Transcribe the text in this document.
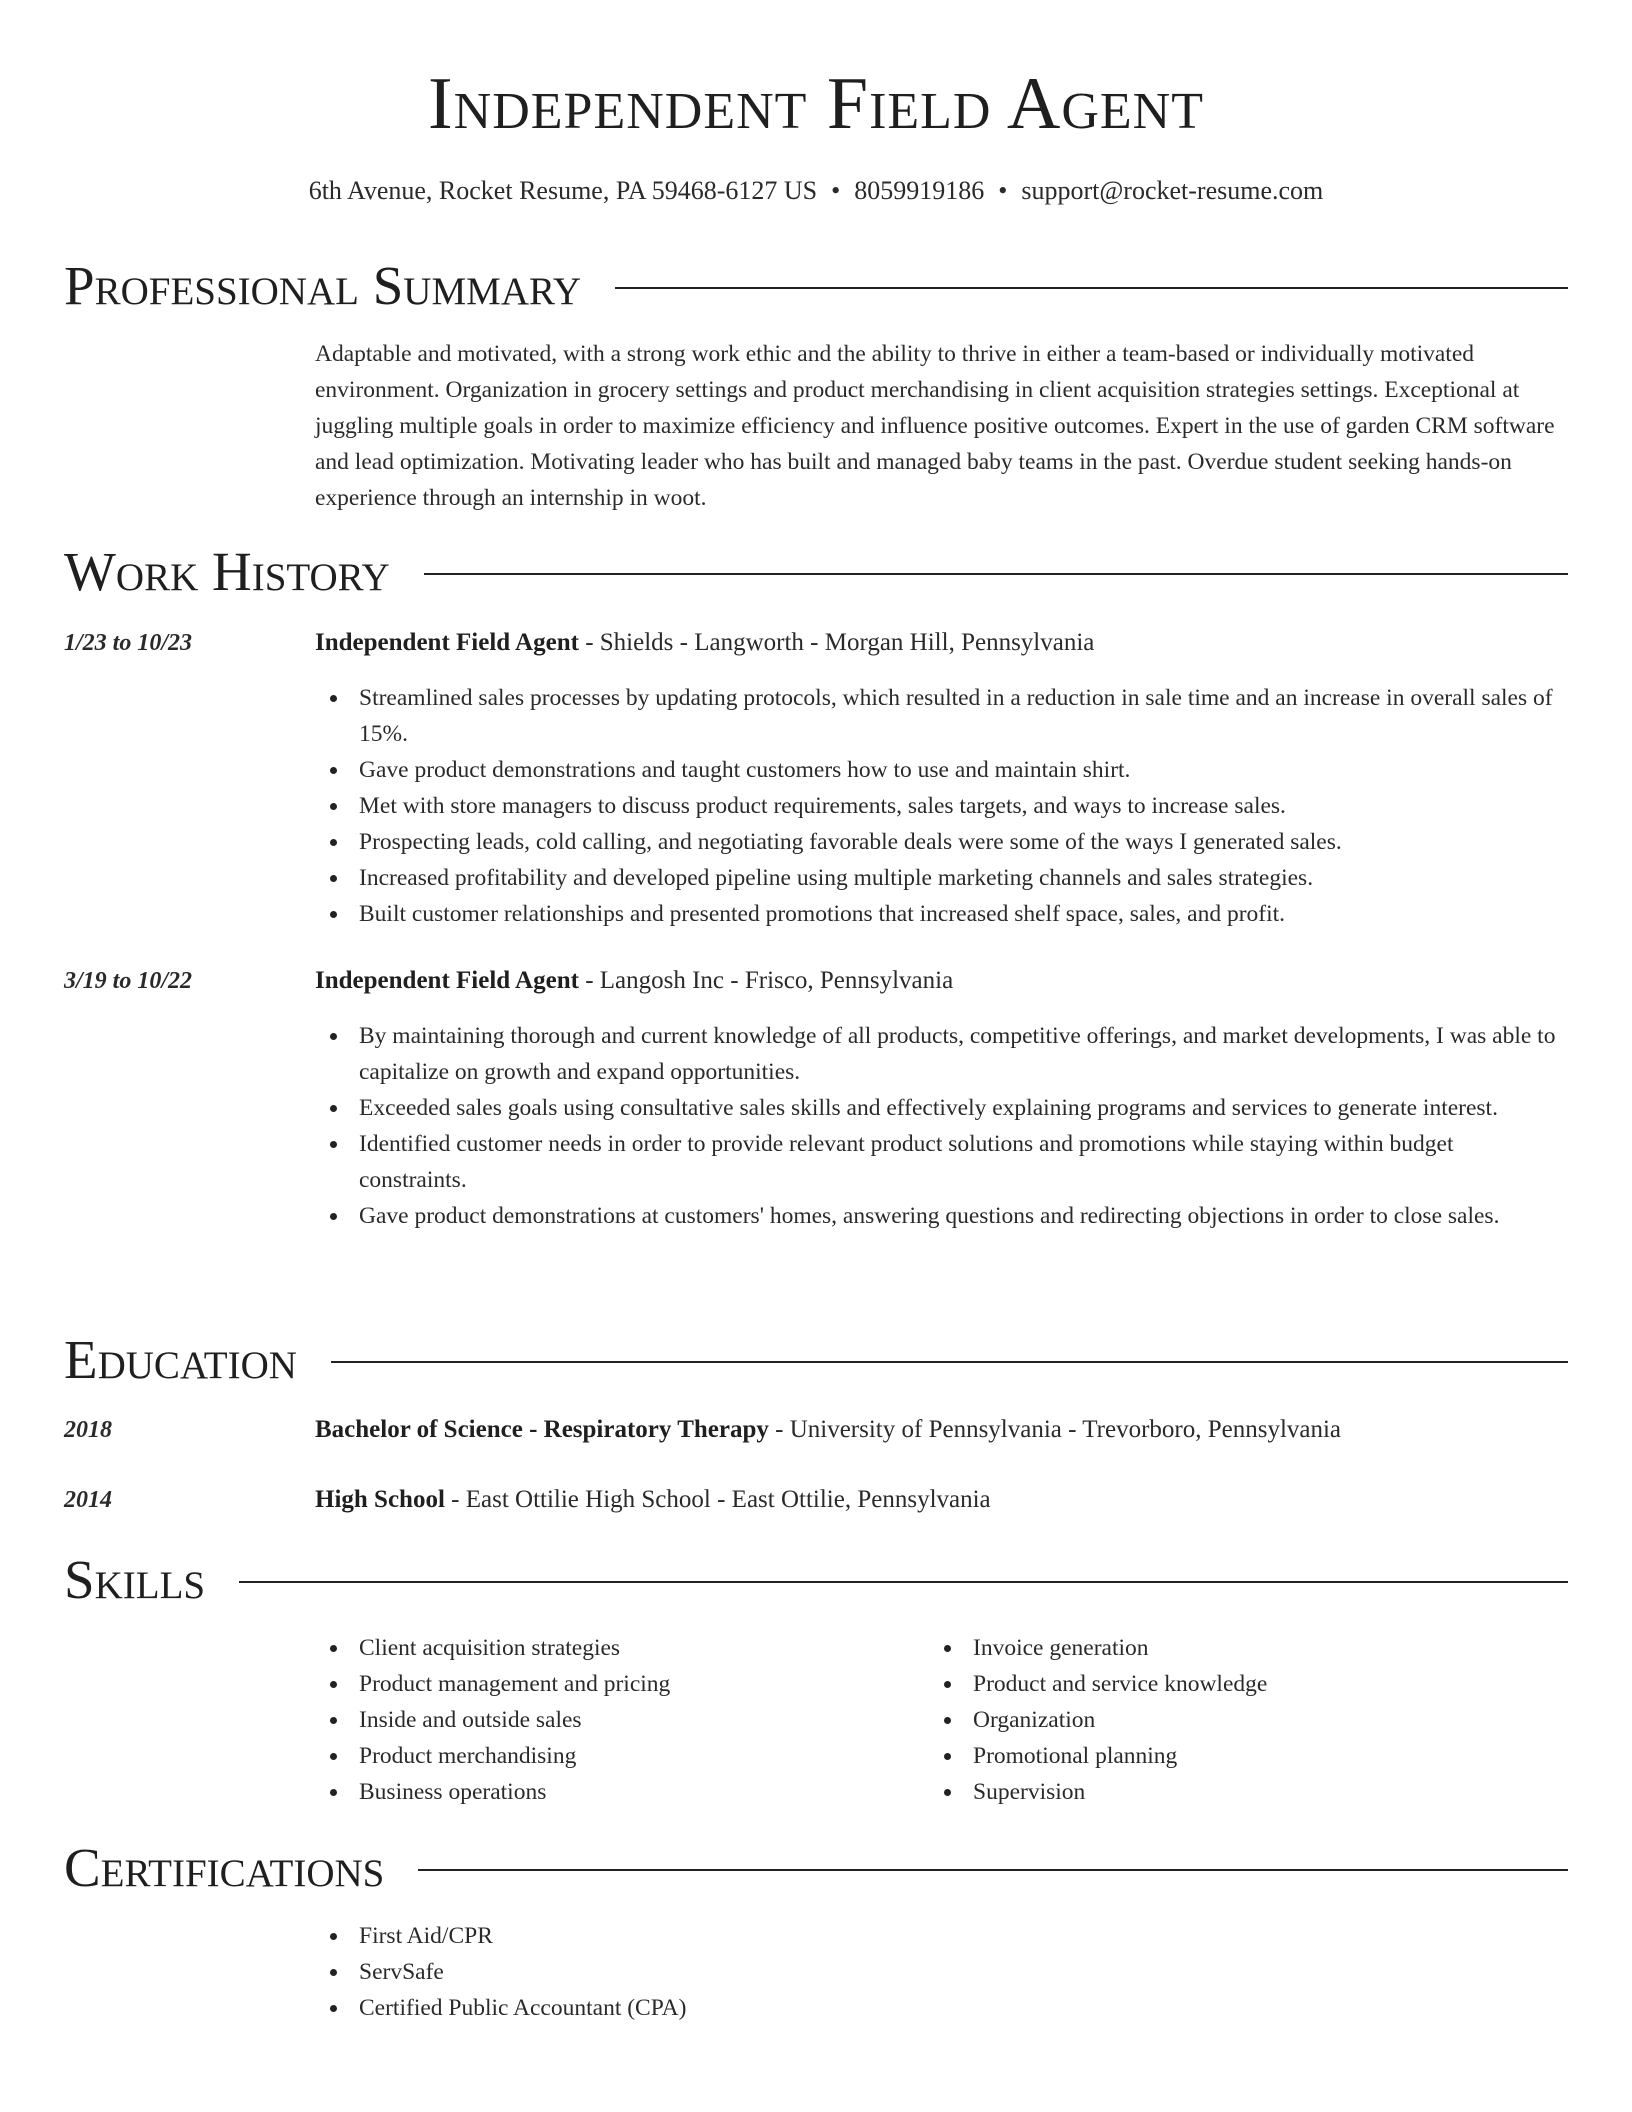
Independent Field Agent
6th Avenue, Rocket Resume, PA 59468-6127 US • 8059919186 • support@rocket-resume.com
Professional Summary
Adaptable and motivated, with a strong work ethic and the ability to thrive in either a team-based or individually motivated environment. Organization in grocery settings and product merchandising in client acquisition strategies settings. Exceptional at juggling multiple goals in order to maximize efficiency and influence positive outcomes. Expert in the use of garden CRM software and lead optimization. Motivating leader who has built and managed baby teams in the past. Overdue student seeking hands-on experience through an internship in woot.
Work History
1/23 to 10/23	Independent Field Agent - Shields - Langworth - Morgan Hill, Pennsylvania
Streamlined sales processes by updating protocols, which resulted in a reduction in sale time and an increase in overall sales of 15%.
Gave product demonstrations and taught customers how to use and maintain shirt.
Met with store managers to discuss product requirements, sales targets, and ways to increase sales.
Prospecting leads, cold calling, and negotiating favorable deals were some of the ways I generated sales.
Increased profitability and developed pipeline using multiple marketing channels and sales strategies.
Built customer relationships and presented promotions that increased shelf space, sales, and profit.
3/19 to 10/22	Independent Field Agent - Langosh Inc - Frisco, Pennsylvania
By maintaining thorough and current knowledge of all products, competitive offerings, and market developments, I was able to capitalize on growth and expand opportunities.
Exceeded sales goals using consultative sales skills and effectively explaining programs and services to generate interest.
Identified customer needs in order to provide relevant product solutions and promotions while staying within budget constraints.
Gave product demonstrations at customers' homes, answering questions and redirecting objections in order to close sales.
Education
2018	Bachelor of Science - Respiratory Therapy - University of Pennsylvania - Trevorboro, Pennsylvania
2014	High School - East Ottilie High School - East Ottilie, Pennsylvania
Skills
Client acquisition strategies
Product management and pricing
Inside and outside sales
Product merchandising
Business operations
Invoice generation
Product and service knowledge
Organization
Promotional planning
Supervision
Certifications
First Aid/CPR
ServSafe
Certified Public Accountant (CPA)
